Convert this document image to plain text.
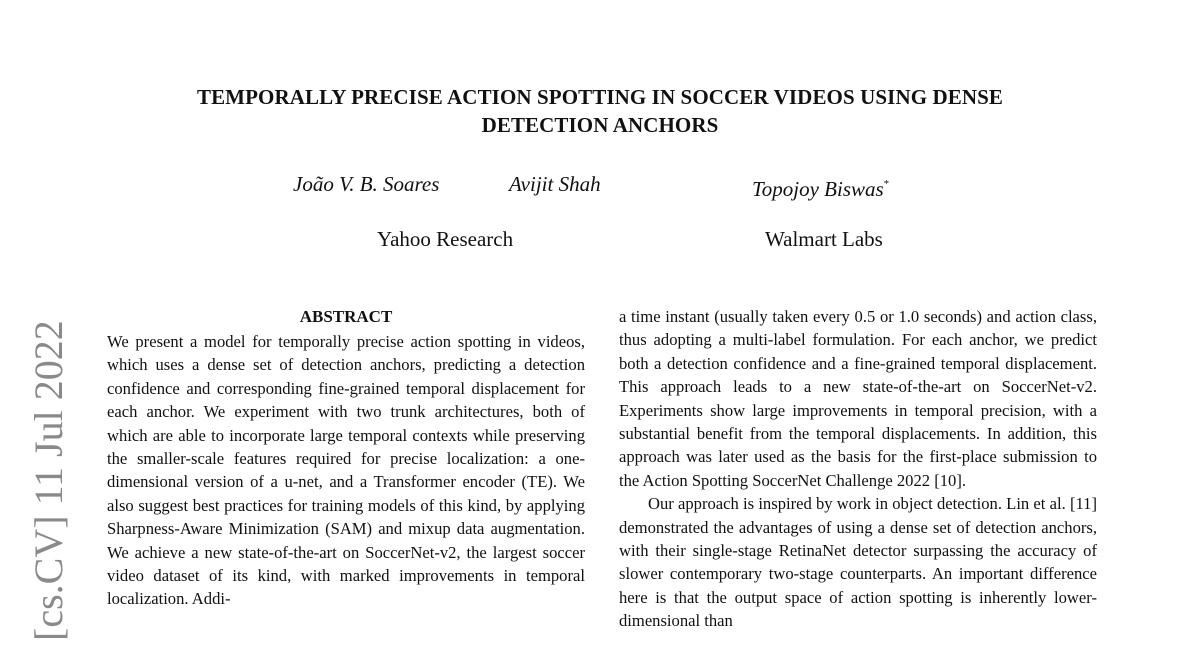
[cs.CV] 11 Jul 2022
TEMPORALLY PRECISE ACTION SPOTTING IN SOCCER VIDEOS USING DENSE
DETECTION ANCHORS
João V. B. Soares	Avijit Shah	Topojoy Biswas*
Yahoo Research	Walmart Labs
ABSTRACT

We present a model for temporally precise action spotting in videos, which uses a dense set of detection anchors, predicting a detection confidence and corresponding fine-grained temporal displacement for each anchor. We experiment with two trunk architectures, both of which are able to incorporate large temporal contexts while preserving the smaller-scale features required for precise localization: a one-dimensional version of a u-net, and a Transformer encoder (TE). We also suggest best practices for training models of this kind, by applying Sharpness-Aware Minimization (SAM) and mixup data augmentation. We achieve a new state-of-the-art on SoccerNet-v2, the largest soccer video dataset of its kind, with marked improvements in temporal localization. Addi-

a time instant (usually taken every 0.5 or 1.0 seconds) and action class, thus adopting a multi-label formulation. For each anchor, we predict both a detection confidence and a fine-grained temporal displacement. This approach leads to a new state-of-the-art on SoccerNet-v2. Experiments show large improvements in temporal precision, with a substantial benefit from the temporal displacements. In addition, this approach was later used as the basis for the first-place submission to the Action Spotting SoccerNet Challenge 2022 [10].

Our approach is inspired by work in object detection. Lin et al. [11] demonstrated the advantages of using a dense set of detection anchors, with their single-stage RetinaNet detector surpassing the accuracy of slower contemporary two-stage counterparts. An important difference here is that the output space of action spotting is inherently lower-dimensional than
